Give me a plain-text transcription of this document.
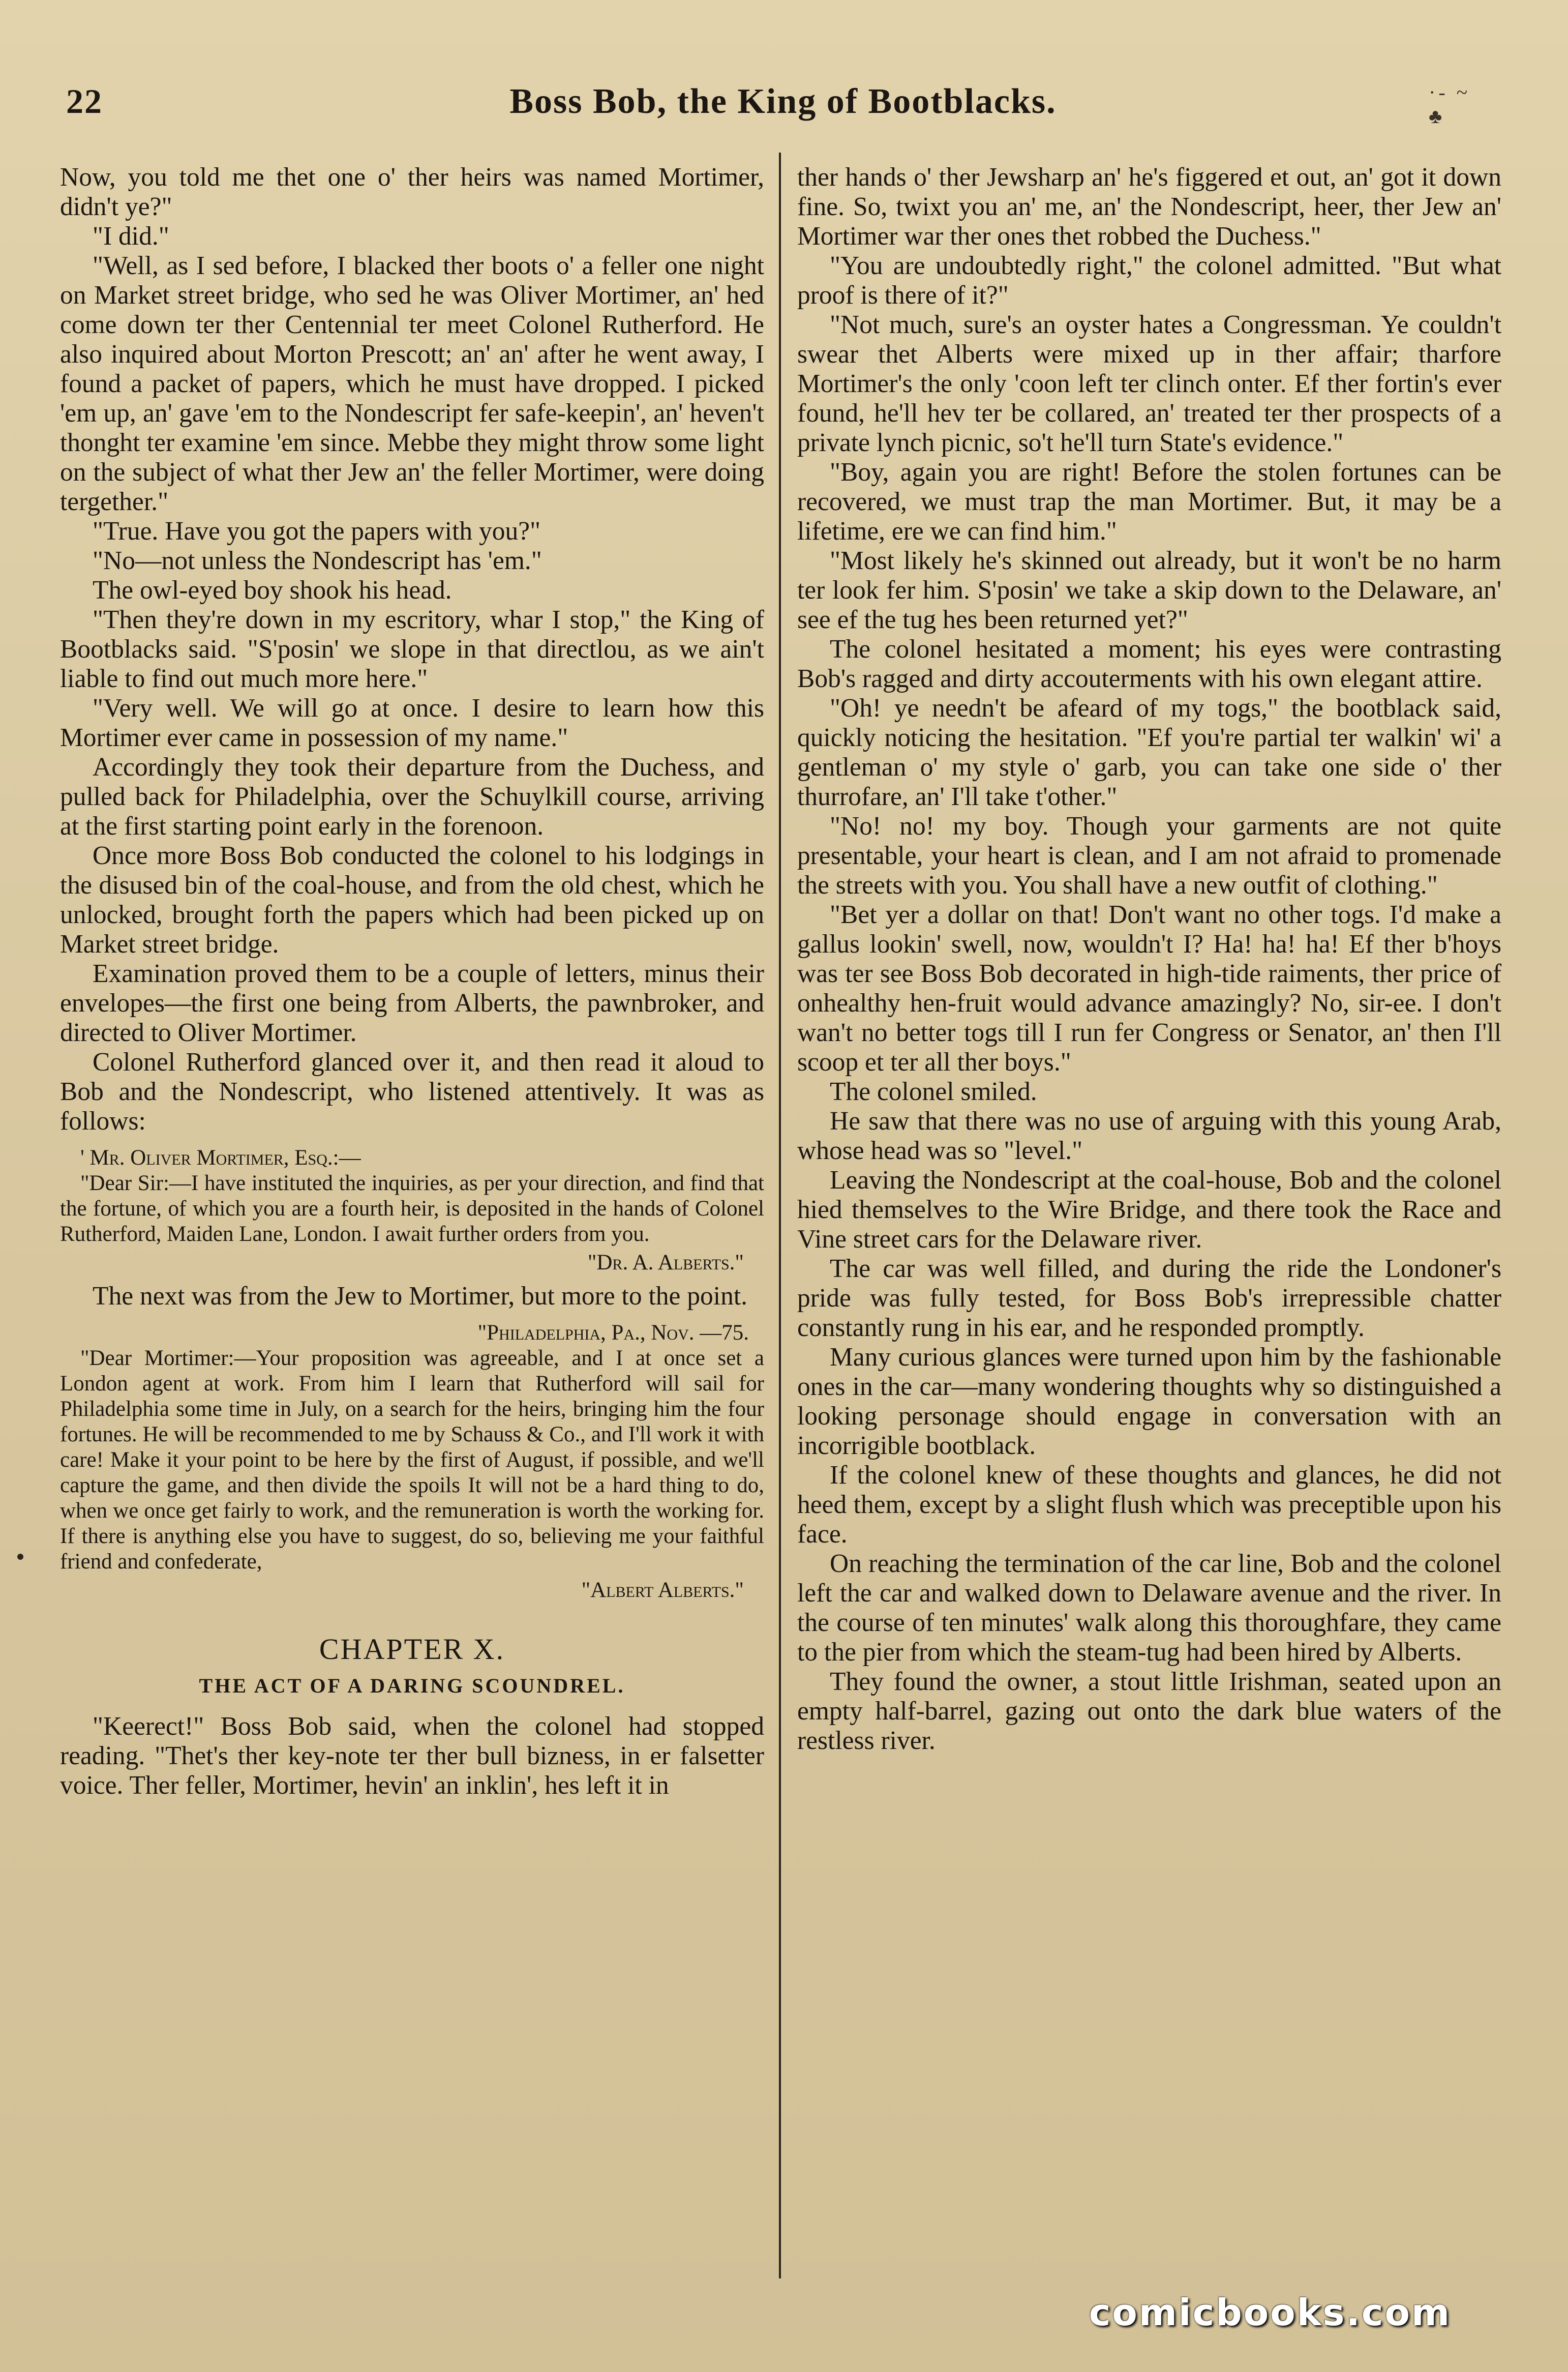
22	Boss Bob, the King of Bootblacks.	·- ~ ♣

Now, you told me thet one o' ther heirs was named Mortimer, didn't ye?"

"I did."

"Well, as I sed before, I blacked ther boots o' a feller one night on Market street bridge, who sed he was Oliver Mortimer, an' hed come down ter ther Centennial ter meet Colonel Rutherford. He also inquired about Morton Prescott; an' an' after he went away, I found a packet of papers, which he must have dropped. I picked 'em up, an' gave 'em to the Nondescript fer safe-keepin', an' heven't thonght ter examine 'em since. Mebbe they might throw some light on the subject of what ther Jew an' the feller Mortimer, were doing tergether."

"True. Have you got the papers with you?"

"No—not unless the Nondescript has 'em."

The owl-eyed boy shook his head.

"Then they're down in my escritory, whar I stop," the King of Bootblacks said. "S'posin' we slope in that directlou, as we ain't liable to find out much more here."

"Very well. We will go at once. I desire to learn how this Mortimer ever came in possession of my name."

Accordingly they took their departure from the Duchess, and pulled back for Philadelphia, over the Schuylkill course, arriving at the first starting point early in the forenoon.

Once more Boss Bob conducted the colonel to his lodgings in the disused bin of the coal-house, and from the old chest, which he unlocked, brought forth the papers which had been picked up on Market street bridge.

Examination proved them to be a couple of letters, minus their envelopes—the first one being from Alberts, the pawnbroker, and directed to Oliver Mortimer.

Colonel Rutherford glanced over it, and then read it aloud to Bob and the Nondescript, who listened attentively. It was as follows:

' Mr. Oliver Mortimer, Esq.:—

"Dear Sir:—I have instituted the inquiries, as per your direction, and find that the fortune, of which you are a fourth heir, is deposited in the hands of Colonel Rutherford, Maiden Lane, London. I await further orders from you.

"Dr. A. Alberts."

The next was from the Jew to Mortimer, but more to the point.

"Philadelphia, Pa., Nov. —75.

"Dear Mortimer:—Your proposition was agreeable, and I at once set a London agent at work. From him I learn that Rutherford will sail for Philadelphia some time in July, on a search for the heirs, bringing him the four fortunes. He will be recommended to me by Schauss & Co., and I'll work it with care! Make it your point to be here by the first of August, if possible, and we'll capture the game, and then divide the spoils It will not be a hard thing to do, when we once get fairly to work, and the remuneration is worth the working for. If there is anything else you have to suggest, do so, believing me your faithful friend and confederate,

"Albert Alberts."

CHAPTER X.
THE ACT OF A DARING SCOUNDREL.

"Keerect!" Boss Bob said, when the colonel had stopped reading. "Thet's ther key-note ter ther bull bizness, in er falsetter voice. Ther feller, Mortimer, hevin' an inklin', hes left it in

ther hands o' ther Jewsharp an' he's figgered et out, an' got it down fine. So, twixt you an' me, an' the Nondescript, heer, ther Jew an' Mortimer war ther ones thet robbed the Duchess."

"You are undoubtedly right," the colonel admitted. "But what proof is there of it?"

"Not much, sure's an oyster hates a Congressman. Ye couldn't swear thet Alberts were mixed up in ther affair; tharfore Mortimer's the only 'coon left ter clinch onter. Ef ther fortin's ever found, he'll hev ter be collared, an' treated ter ther prospects of a private lynch picnic, so't he'll turn State's evidence."

"Boy, again you are right! Before the stolen fortunes can be recovered, we must trap the man Mortimer. But, it may be a lifetime, ere we can find him."

"Most likely he's skinned out already, but it won't be no harm ter look fer him. S'posin' we take a skip down to the Delaware, an' see ef the tug hes been returned yet?"

The colonel hesitated a moment; his eyes were contrasting Bob's ragged and dirty accouterments with his own elegant attire.

"Oh! ye needn't be afeard of my togs," the bootblack said, quickly noticing the hesitation. "Ef you're partial ter walkin' wi' a gentleman o' my style o' garb, you can take one side o' ther thurrofare, an' I'll take t'other."

"No! no! my boy. Though your garments are not quite presentable, your heart is clean, and I am not afraid to promenade the streets with you. You shall have a new outfit of clothing."

"Bet yer a dollar on that! Don't want no other togs. I'd make a gallus lookin' swell, now, wouldn't I? Ha! ha! ha! Ef ther b'hoys was ter see Boss Bob decorated in high-tide raiments, ther price of onhealthy hen-fruit would advance amazingly? No, sir-ee. I don't wan't no better togs till I run fer Congress or Senator, an' then I'll scoop et ter all ther boys."

The colonel smiled.

He saw that there was no use of arguing with this young Arab, whose head was so "level."

Leaving the Nondescript at the coal-house, Bob and the colonel hied themselves to the Wire Bridge, and there took the Race and Vine street cars for the Delaware river.

The car was well filled, and during the ride the Londoner's pride was fully tested, for Boss Bob's irrepressible chatter constantly rung in his ear, and he responded promptly.

Many curious glances were turned upon him by the fashionable ones in the car—many wondering thoughts why so distinguished a looking personage should engage in conversation with an incorrigible bootblack.

If the colonel knew of these thoughts and glances, he did not heed them, except by a slight flush which was preceptible upon his face.

On reaching the termination of the car line, Bob and the colonel left the car and walked down to Delaware avenue and the river. In the course of ten minutes' walk along this thoroughfare, they came to the pier from which the steam-tug had been hired by Alberts.

They found the owner, a stout little Irishman, seated upon an empty half-barrel, gazing out onto the dark blue waters of the restless river.

comicbooks.com
